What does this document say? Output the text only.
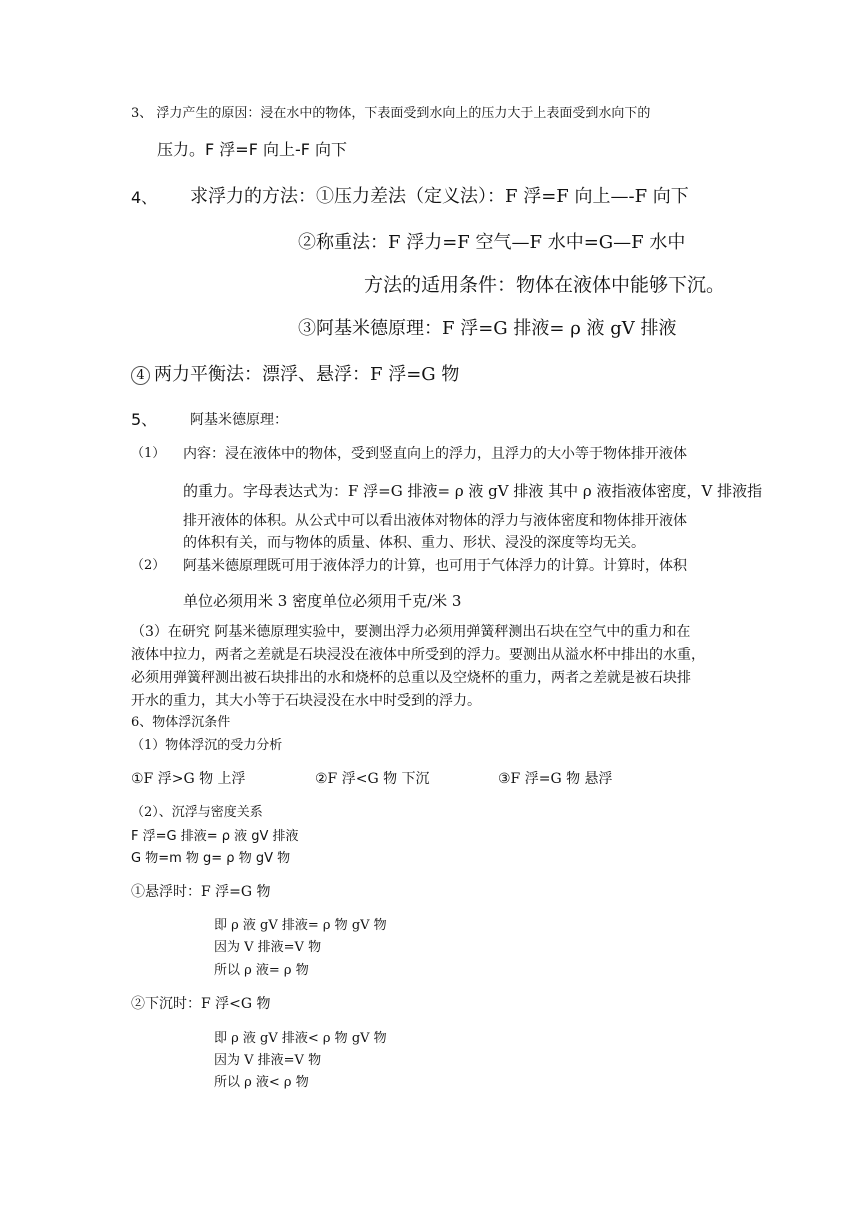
3、 浮力产生的原因：浸在水中的物体，下表面受到水向上的压力大于上表面受到水向下的
压力。F 浮=F 向上-F 向下
4、 求浮力的方法：①压力差法（定义法）：F 浮=F 向上—-F 向下
②称重法：F 浮力=F 空气—F 水中=G—F 水中
方法的适用条件：物体在液体中能够下沉。
③阿基米德原理：F 浮=G 排液= ρ 液 gV 排液
4 两力平衡法：漂浮、悬浮：F 浮=G 物
5、 阿基米德原理：
（1） 内容：浸在液体中的物体，受到竖直向上的浮力，且浮力的大小等于物体排开液体
的重力。字母表达式为：F 浮=G 排液= ρ 液 gV 排液 其中 ρ 液指液体密度，V 排液指
排开液体的体积。从公式中可以看出液体对物体的浮力与液体密度和物体排开液体
的体积有关，而与物体的质量、体积、重力、形状、浸没的深度等均无关。
（2） 阿基米德原理既可用于液体浮力的计算，也可用于气体浮力的计算。计算时，体积
单位必须用米 3 密度单位必须用千克/米 3
（3）在研究 阿基米德原理实验中，要测出浮力必须用弹簧秤测出石块在空气中的重力和在
液体中拉力，两者之差就是石块浸没在液体中所受到的浮力。要测出从溢水杯中排出的水重，
必须用弹簧秤测出被石块排出的水和烧杯的总重以及空烧杯的重力，两者之差就是被石块排
开水的重力，其大小等于石块浸没在水中时受到的浮力。
6、物体浮沉条件
（1）物体浮沉的受力分析
①F 浮>G 物 上浮	②F 浮<G 物 下沉	③F 浮=G 物 悬浮
（2）、沉浮与密度关系
F 浮=G 排液= ρ 液 gV 排液
G 物=m 物 g= ρ 物 gV 物
①悬浮时：F 浮=G 物
即 ρ 液 gV 排液= ρ 物 gV 物
因为 V 排液=V 物
所以 ρ 液= ρ 物
②下沉时：F 浮<G 物
即 ρ 液 gV 排液< ρ 物 gV 物
因为 V 排液=V 物
所以 ρ 液< ρ 物
